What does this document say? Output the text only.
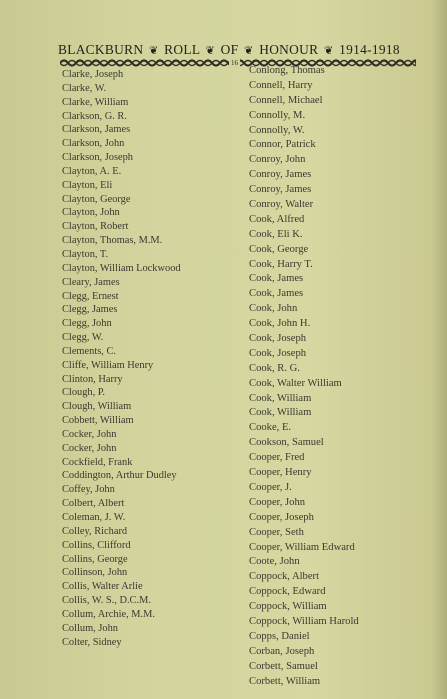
BLACKBURN ❦ ROLL ❦ OF ❦ HONOUR ❦ 1914-1918
16
Clarke, Joseph
Clarke, W.
Clarke, William
Clarkson, G. R.
Clarkson, James
Clarkson, John
Clarkson, Joseph
Clayton, A. E.
Clayton, Eli
Clayton, George
Clayton, John
Clayton, Robert
Clayton, Thomas, M.M.
Clayton, T.
Clayton, William Lockwood
Cleary, James
Clegg, Ernest
Clegg, James
Clegg, John
Clegg, W.
Clements, C.
Cliffe, William Henry
Clinton, Harry
Clough, P.
Clough, William
Cobbett, William
Cocker, John
Cocker, John
Cockfield, Frank
Coddington, Arthur Dudley
Coffey, John
Colbert, Albert
Coleman, J. W.
Colley, Richard
Collins, Clifford
Collins, George
Collinson, John
Collis, Walter Arlie
Collis, W. S., D.C.M.
Collum, Archie, M.M.
Collum, John
Colter, Sidney
Conlong, Thomas
Connell, Harry
Connell, Michael
Connolly, M.
Connolly, W.
Connor, Patrick
Conroy, John
Conroy, James
Conroy, James
Conroy, Walter
Cook, Alfred
Cook, Eli K.
Cook, George
Cook, Harry T.
Cook, James
Cook, James
Cook, John
Cook, John H.
Cook, Joseph
Cook, Joseph
Cook, R. G.
Cook, Walter William
Cook, William
Cook, William
Cooke, E.
Cookson, Samuel
Cooper, Fred
Cooper, Henry
Cooper, J.
Cooper, John
Cooper, Joseph
Cooper, Seth
Cooper, William Edward
Coote, John
Coppock, Albert
Coppock, Edward
Coppock, William
Coppock, William Harold
Copps, Daniel
Corban, Joseph
Corbett, Samuel
Corbett, William
